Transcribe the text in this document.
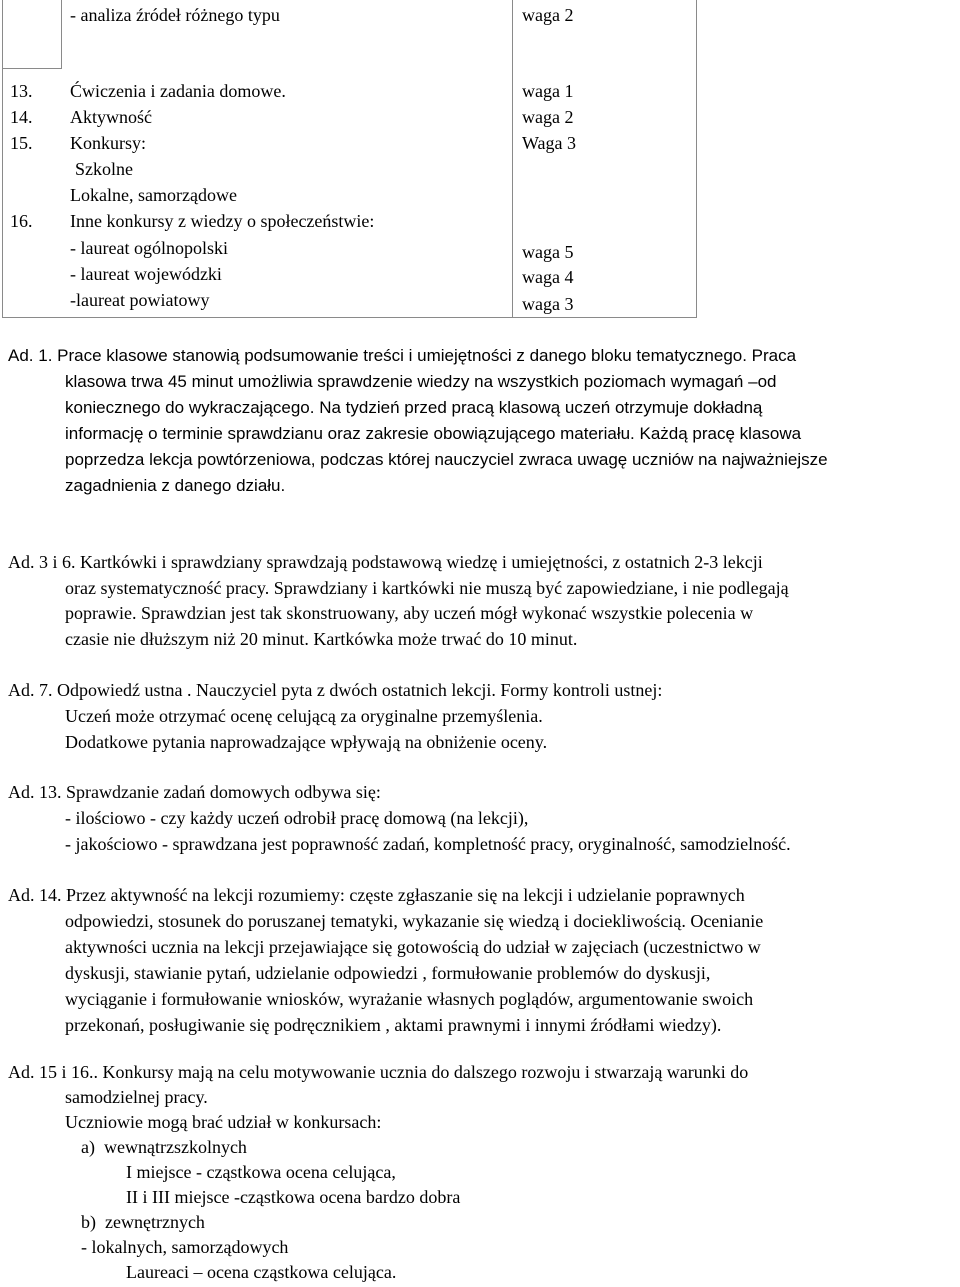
- analiza źródeł różnego typu	waga 2
13. Ćwiczenia i zadania domowe.	waga 1
14. Aktywność	waga 2
15. Konkursy:	Waga 3
Szkolne
Lokalne, samorządowe
16. Inne konkursy z wiedzy o społeczeństwie:
- laureat ogólnopolski	waga 5
- laureat wojewódzki	waga 4
-laureat powiatowy	waga 3
Ad. 1. Prace klasowe stanowią podsumowanie treści i umiejętności z danego bloku tematycznego. Praca
klasowa trwa 45 minut umożliwia sprawdzenie wiedzy na wszystkich poziomach wymagań –od
koniecznego do wykraczającego. Na tydzień przed pracą klasową uczeń otrzymuje dokładną
informację o terminie sprawdzianu oraz zakresie obowiązującego materiału. Każdą pracę klasowa
poprzedza lekcja powtórzeniowa, podczas której nauczyciel zwraca uwagę uczniów na najważniejsze
zagadnienia z danego działu.
Ad. 3 i 6. Kartkówki i sprawdziany sprawdzają podstawową wiedzę i umiejętności, z ostatnich 2-3 lekcji
oraz systematyczność pracy. Sprawdziany i kartkówki nie muszą być zapowiedziane, i nie podlegają
poprawie. Sprawdzian jest tak skonstruowany, aby uczeń mógł wykonać wszystkie polecenia w
czasie nie dłuższym niż 20 minut. Kartkówka może trwać do 10 minut.
Ad. 7. Odpowiedź ustna . Nauczyciel pyta z dwóch ostatnich lekcji. Formy kontroli ustnej:
Uczeń może otrzymać ocenę celującą za oryginalne przemyślenia.
Dodatkowe pytania naprowadzające wpływają na obniżenie oceny.
Ad. 13. Sprawdzanie zadań domowych odbywa się:
- ilościowo - czy każdy uczeń odrobił pracę domową (na lekcji),
- jakościowo - sprawdzana jest poprawność zadań, kompletność pracy, oryginalność, samodzielność.
Ad. 14. Przez aktywność na lekcji rozumiemy: częste zgłaszanie się na lekcji i udzielanie poprawnych
odpowiedzi, stosunek do poruszanej tematyki, wykazanie się wiedzą i dociekliwością. Ocenianie
aktywności ucznia na lekcji przejawiające się gotowością do udział w zajęciach (uczestnictwo w
dyskusji, stawianie pytań, udzielanie odpowiedzi , formułowanie problemów do dyskusji,
wyciąganie i formułowanie wniosków, wyrażanie własnych poglądów, argumentowanie swoich
przekonań, posługiwanie się podręcznikiem , aktami prawnymi i innymi źródłami wiedzy).
Ad. 15 i 16.. Konkursy mają na celu motywowanie ucznia do dalszego rozwoju i stwarzają warunki do
samodzielnej pracy.
Uczniowie mogą brać udział w konkursach:
a)  wewnątrzszkolnych
I miejsce - cząstkowa ocena celująca,
II i III miejsce -cząstkowa ocena bardzo dobra
b)  zewnętrznych
- lokalnych, samorządowych
Laureaci – ocena cząstkowa celująca.
